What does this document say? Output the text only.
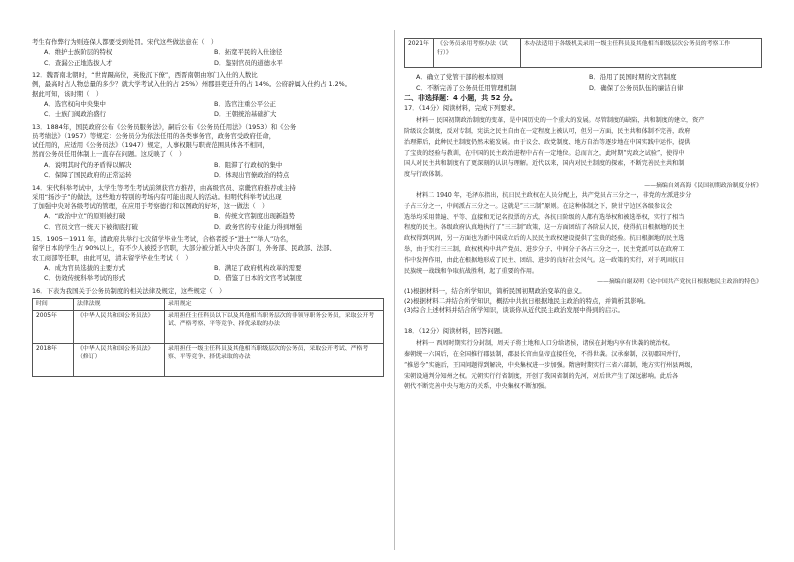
考生有作弊行为则连保人都要受到处罚。宋代这些做法意在（　）
A．维护士族阶层的特权	B．拓宽平民的入仕途径
C．查漏公正地选拔人才	D．鉴别官员的道德水平
12．魏晋南北朝时，“世胄蹑高位，英俊沉下僚”，西晋南朝由寒门入仕的人数比
例，最高时占人物总量的多少？就大学考试入仕的占 25%）州郡县吏迁升的占 14%。公府辟属入仕约占 1.2%。
据此可知，该时期（　）
A．选官权向中央集中	B．选官注重公平公正
C．士族门阀政治盛行	D．王朝统治基础扩大
13．1884年，国民政府公布《公务员服务法》，嗣后公布《公务员任用法》（1953）和《公务
员考绩法》（1957）等规定：公务员分为依法任用的各类事务官，政务官受政府任命，
试任用的，应适用《公务员法》（1947）规定，人事权限与职责范围具体各不相同，
然而公务员任用体制上一直存在问题。这反映了（　）
A．说明其时代的矛盾得以解决	B．阻滞了行政权的集中
C．保障了国民政府的正常运转	D．体现出官僚政治的特点
14．宋代科举考试中，太学生等考生考试前须获官方推荐，由高级官员、京畿官府推荐或主持
采用“扬沙子”的做法，这些地方特别的考场内有可能出现人的活动。但明代科举考试出现
了加强中央对各级考试的管理，在应用于考察德行和以图政的好坏，这一做法（　）
A．“政治中立”的原则被打破	B．传统文官制度出现新趋势
C．官员文官一统天下被彻底打破	D．政务官的专业能力得到增强
15．1905－1911 年，清政府共举行七次留学毕业生考试，合格者授予“进士”“举人”功名，
留学日本的学生占 90%以上，有不少人被授予官职，大部分被分派入中央各部门，外务部、民政部、法部、
农工商部等任职，由此可见，清末留学毕业生考试（　）
A．成为官员选拔的主要方式	B．满足了政府机构改革的需要
C．仿效传统科举考试的形式	D．借鉴了日本的文官考试制度
16．下表为我国关于公务员制度的相关法律及规定，这些规定（　）
时间	法律法规	录用规定
2005年	《中华人民共和国公务员法》	录用担任主任科员以下以及其他相当职务层次的非领导职务公务员，采取公开考试、严格考察、平等竞争、择优录取的办法
2018年	《中华人民共和国公务员法》（修订）	录用担任一级主任科员及其他相当职级层次的公务员，采取公开考试、严格考察、平等竞争、择优录取的办法
2021年	《公务员录用考察办法（试行）》	本办法适用于各级机关录用一级主任科员及其他相当职级层次公务员的考察工作
A．确立了党管干部的根本原则	B．沿用了民国时期的文官制度
C．不断完善了公务员任用管理机制	D．确保了公务员队伍的廉洁自律
二、非选择题：4 小题，共 52 分。
17．（14分）阅读材料，完成下列要求。
材料一 民国初期政治制度的变革，是中国历史的一个重大的发展。尽管制度的缺陷，共和制度的建立，资产
阶级议会制度，反对专制，宪法之民主自由在一定程度上被认可，但另一方面，民主共和体制不完善，政府
治理滞后，此种民主制度仍然未能发展。由于议会、政党制度、地方自治等逐步地在中国实践中运作，提供
了宝贵的经验与教训，在中国的民主政治进程中占有一定地位。总而言之，此时期“宪政之试验”，使得中
国人对民主共和制度有了更深刻的认识与理解。近代以来，国内对民主制度的探索，不断完善民主共和制
度与行政体制。
——摘编自刘高海《民国初期政治制度分析》
材料二 1940 年，毛泽东指出，抗日民主政权在人员分配上，共产党员占三分之一，非党的左派进步分
子占三分之一，中间派占三分之一。这就是“三三制”原则。在这种体制之下，陕甘宁边区各级参议会
选举均采用普遍、平等、直接和无记名投票的方式，各抗日阶级的人都有选举权和被选举权，实行了相当
程度的民主。各级政府认真地执行了“三三制”政策，这一方面团结了各阶层人民，使得抗日根据地的民主
政权得到巩固，另一方面也为新中国成立后的人民民主政权建设提供了宝贵的经验。抗日根据地的民主选
举，由于实行三三制，政权机构中共产党员、进步分子、中间分子各占三分之一，民主党派可以在政府工
作中发挥作用，由此在根据地形成了民主、团结、进步的良好社会风气。这一政策的实行，对于巩固抗日
民族统一战线和争取抗战胜利，起了重要的作用。
——摘编自谢双明《论中国共产党抗日根据地民主政治的特色》
(1)根据材料一，结合所学知识，简析民国初期政治变革的意义。
(2)根据材料二并结合所学知识，概括中共抗日根据地民主政治的特点，并简析其影响。
(3)综合上述材料并结合所学知识，谈谈你从近代民主政治发展中得到的启示。
18．（12分）阅读材料，回答问题。
材料一 西周时期实行分封制，周天子将土地和人口分给诸侯，诸侯在封地内享有世袭的统治权。
秦朝统一六国后，在全国推行郡县制，郡县长官由皇帝直接任免，不得世袭。汉承秦制，汉初郡国并行，
“推恩令”实施后，王国问题得到解决，中央集权进一步加强。隋唐时期实行三省六部制，地方实行州县两级，
宋朝设通判分知州之权。元朝实行行省制度，开创了我国省制的先河，对后世产生了深远影响。此后各
朝代不断完善中央与地方的关系，中央集权不断加强。
